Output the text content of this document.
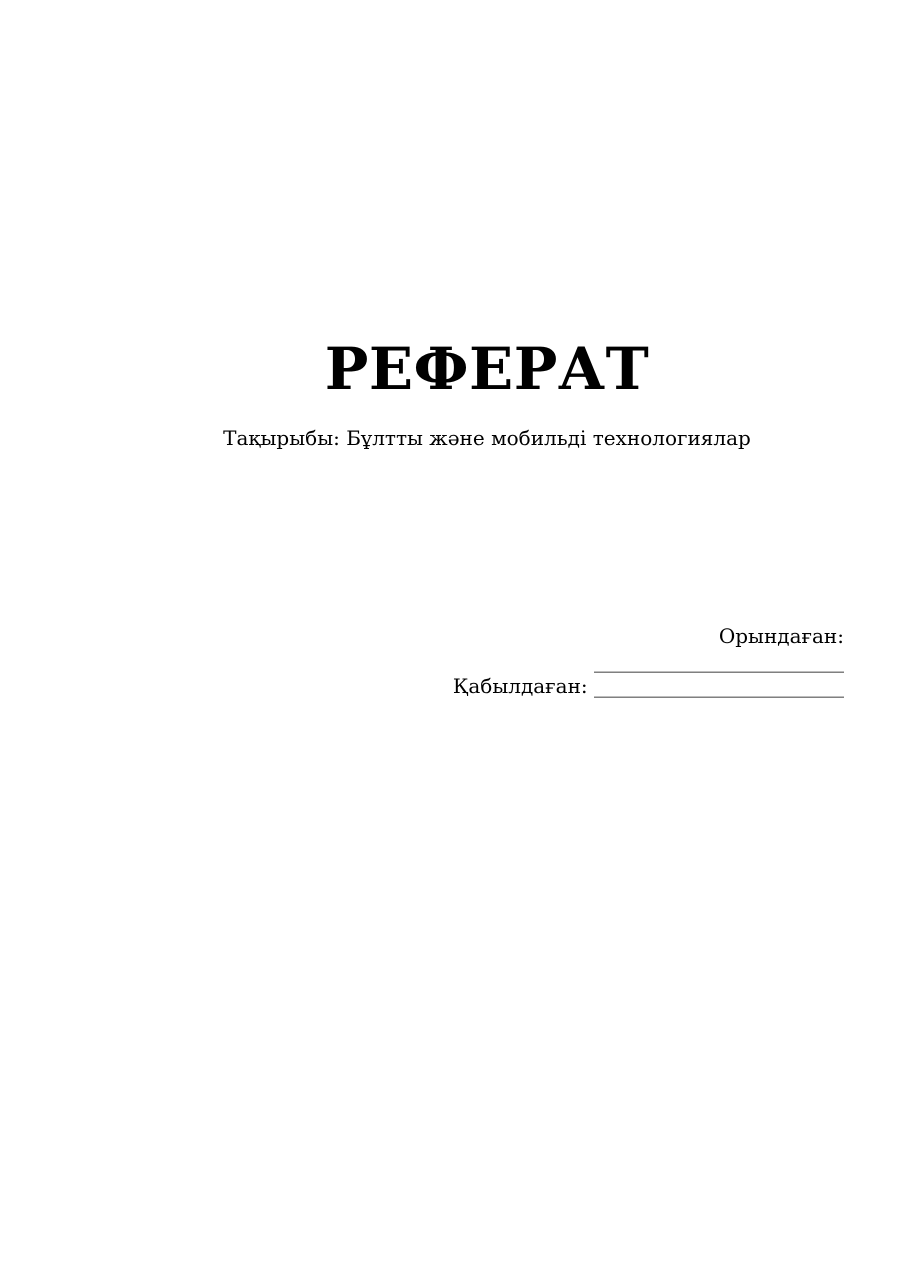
РЕФЕРАТ

Тақырыбы: Бұлтты және мобильді технологиялар

Орындаған:
_________________________
Қабылдаған: _________________________
